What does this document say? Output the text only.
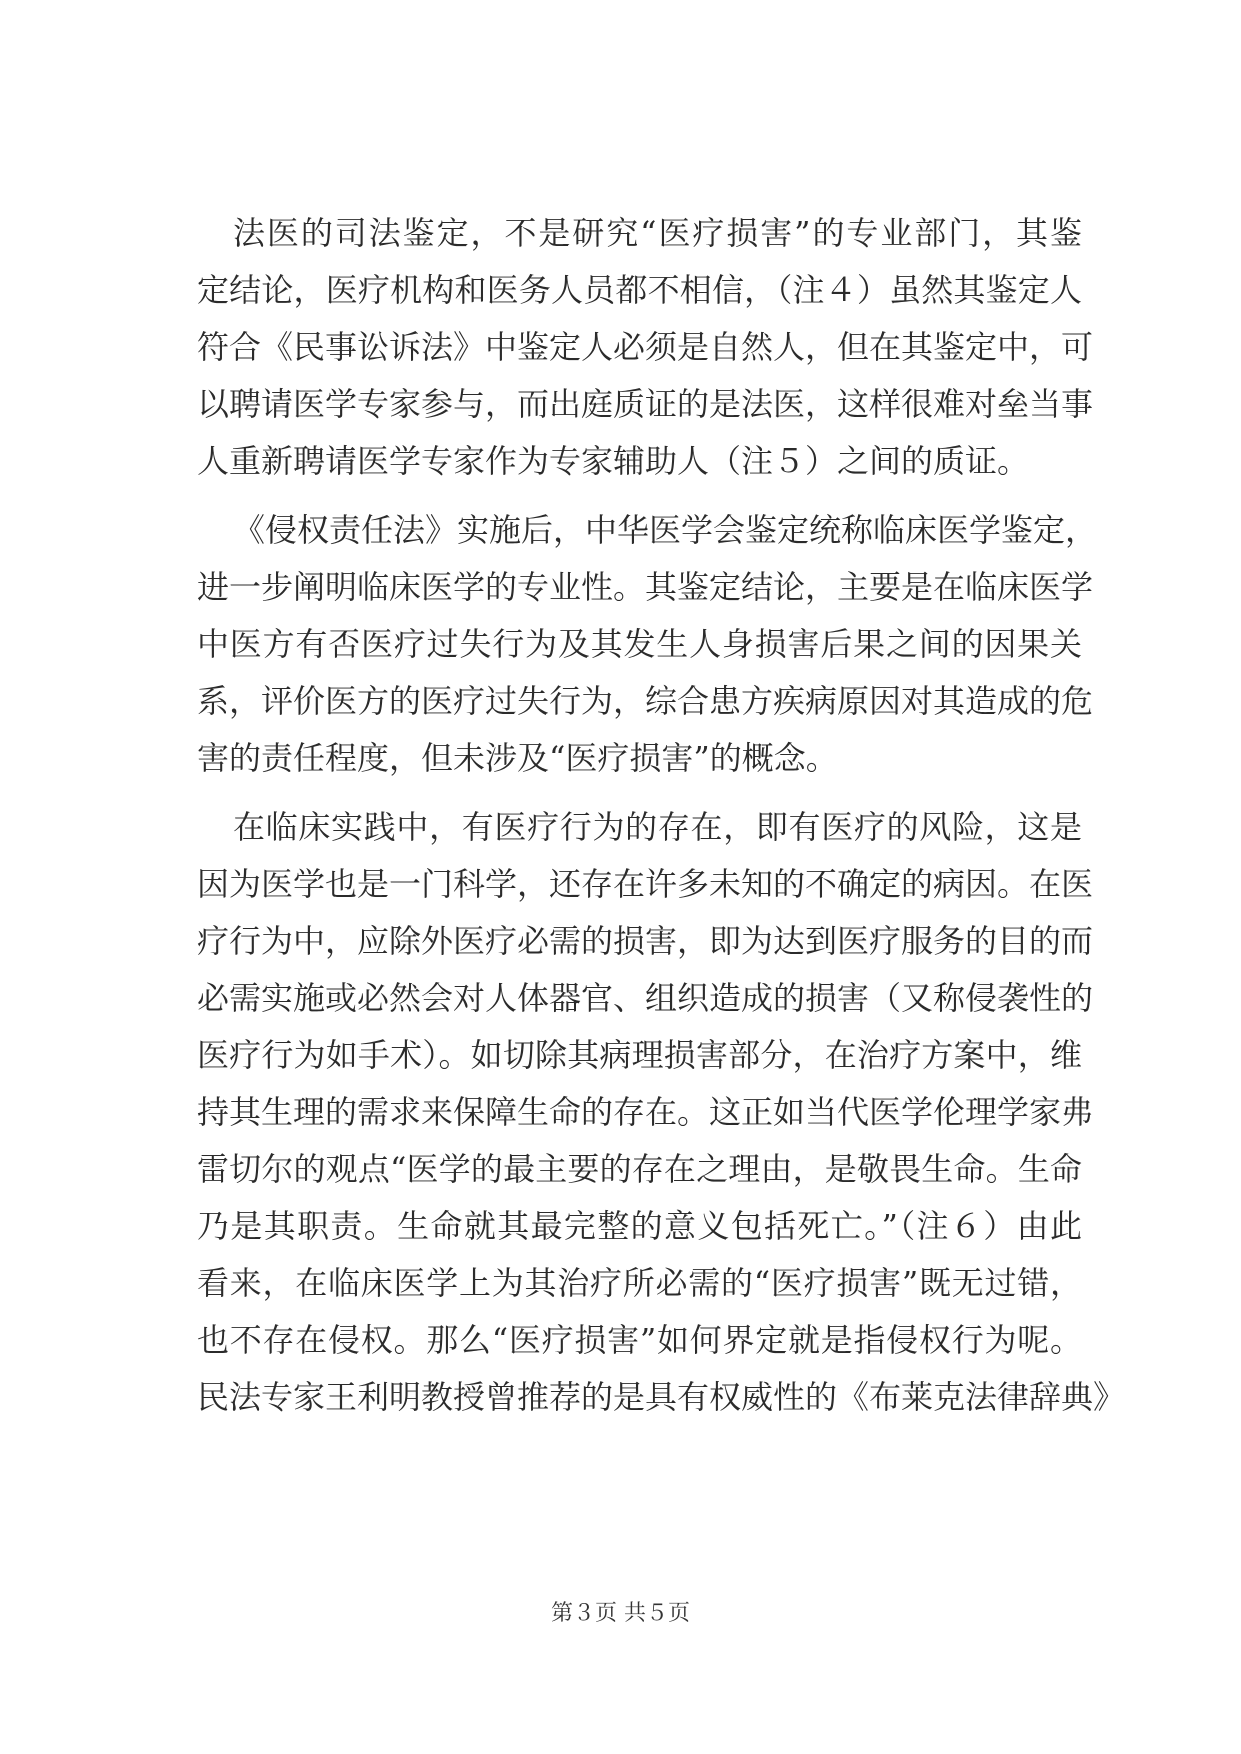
法医的司法鉴定，不是研究“医疗损害”的专业部门，其鉴
定结论，医疗机构和医务人员都不相信，（注４）虽然其鉴定人
符合《民事讼诉法》中鉴定人必须是自然人，但在其鉴定中，可
以聘请医学专家参与，而出庭质证的是法医，这样很难对垒当事
人重新聘请医学专家作为专家辅助人（注５）之间的质证。
《侵权责任法》实施后，中华医学会鉴定统称临床医学鉴定，
进一步阐明临床医学的专业性。其鉴定结论，主要是在临床医学
中医方有否医疗过失行为及其发生人身损害后果之间的因果关
系，评价医方的医疗过失行为，综合患方疾病原因对其造成的危
害的责任程度，但未涉及“医疗损害”的概念。
在临床实践中，有医疗行为的存在，即有医疗的风险，这是
因为医学也是一门科学，还存在许多未知的不确定的病因。在医
疗行为中，应除外医疗必需的损害，即为达到医疗服务的目的而
必需实施或必然会对人体器官、组织造成的损害（又称侵袭性的
医疗行为如手术）。如切除其病理损害部分，在治疗方案中，维
持其生理的需求来保障生命的存在。这正如当代医学伦理学家弗
雷切尔的观点“医学的最主要的存在之理由，是敬畏生命。生命
乃是其职责。生命就其最完整的意义包括死亡。”（注６）由此
看来，在临床医学上为其治疗所必需的“医疗损害”既无过错，
也不存在侵权。那么“医疗损害”如何界定就是指侵权行为呢。
民法专家王利明教授曾推荐的是具有权威性的《布莱克法律辞典》
第３页 共５页
